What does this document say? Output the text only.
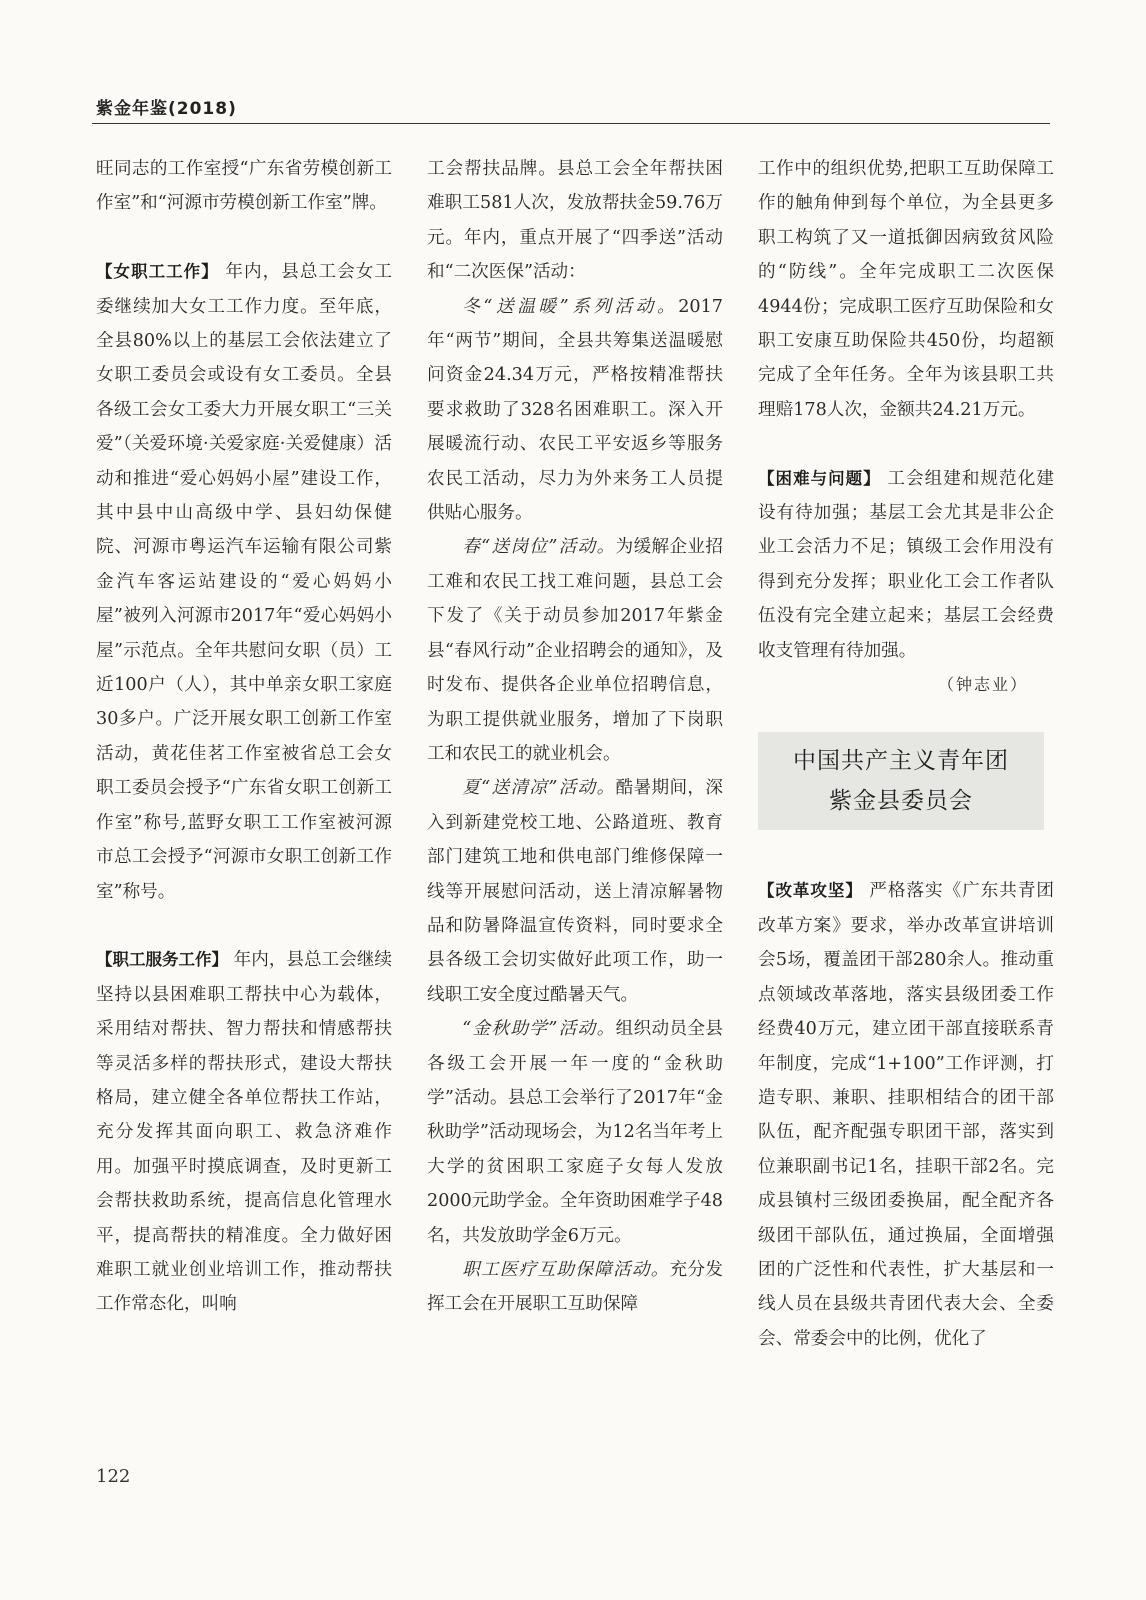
紫金年鉴(2018)

旺同志的工作室授“广东省劳模创新工作室”和“河源市劳模创新工作室”牌。

【女职工工作】 年内，县总工会女工委继续加大女工工作力度。至年底，全县80%以上的基层工会依法建立了女职工委员会或设有女工委员。全县各级工会女工委大力开展女职工“三关爱”（关爱环境·关爱家庭·关爱健康）活动和推进“爱心妈妈小屋”建设工作，其中县中山高级中学、县妇幼保健院、河源市粤运汽车运输有限公司紫金汽车客运站建设的“爱心妈妈小屋”被列入河源市2017年“爱心妈妈小屋”示范点。全年共慰问女职（员）工近100户（人），其中单亲女职工家庭30多户。广泛开展女职工创新工作室活动，黄花佳茗工作室被省总工会女职工委员会授予“广东省女职工创新工作室”称号,蓝野女职工工作室被河源市总工会授予“河源市女职工创新工作室”称号。

【职工服务工作】 年内，县总工会继续坚持以县困难职工帮扶中心为载体，采用结对帮扶、智力帮扶和情感帮扶等灵活多样的帮扶形式，建设大帮扶格局，建立健全各单位帮扶工作站，充分发挥其面向职工、救急济难作用。加强平时摸底调查，及时更新工会帮扶救助系统，提高信息化管理水平，提高帮扶的精准度。全力做好困难职工就业创业培训工作，推动帮扶工作常态化，叫响

工会帮扶品牌。县总工会全年帮扶困难职工581人次，发放帮扶金59.76万元。年内，重点开展了“四季送”活动和“二次医保”活动：

冬“送温暖”系列活动。2017年“两节”期间，全县共筹集送温暖慰问资金24.34万元，严格按精准帮扶要求救助了328名困难职工。深入开展暖流行动、农民工平安返乡等服务农民工活动，尽力为外来务工人员提供贴心服务。

春“送岗位”活动。为缓解企业招工难和农民工找工难问题，县总工会下发了《关于动员参加2017年紫金县“春风行动”企业招聘会的通知》，及时发布、提供各企业单位招聘信息，为职工提供就业服务，增加了下岗职工和农民工的就业机会。

夏“送清凉”活动。酷暑期间，深入到新建党校工地、公路道班、教育部门建筑工地和供电部门维修保障一线等开展慰问活动，送上清凉解暑物品和防暑降温宣传资料，同时要求全县各级工会切实做好此项工作，助一线职工安全度过酷暑天气。

“金秋助学”活动。组织动员全县各级工会开展一年一度的“金秋助学”活动。县总工会举行了2017年“金秋助学”活动现场会，为12名当年考上大学的贫困职工家庭子女每人发放2000元助学金。全年资助困难学子48名，共发放助学金6万元。

职工医疗互助保障活动。充分发挥工会在开展职工互助保障

工作中的组织优势,把职工互助保障工作的触角伸到每个单位，为全县更多职工构筑了又一道抵御因病致贫风险的“防线”。全年完成职工二次医保4944份；完成职工医疗互助保险和女职工安康互助保险共450份，均超额完成了全年任务。全年为该县职工共理赔178人次，金额共24.21万元。

【困难与问题】 工会组建和规范化建设有待加强；基层工会尤其是非公企业工会活力不足；镇级工会作用没有得到充分发挥；职业化工会工作者队伍没有完全建立起来；基层工会经费收支管理有待加强。

（钟志业）

中国共产主义青年团
紫金县委员会

【改革攻坚】 严格落实《广东共青团改革方案》要求，举办改革宣讲培训会5场，覆盖团干部280余人。推动重点领域改革落地，落实县级团委工作经费40万元，建立团干部直接联系青年制度，完成“1+100”工作评测，打造专职、兼职、挂职相结合的团干部队伍，配齐配强专职团干部，落实到位兼职副书记1名，挂职干部2名。完成县镇村三级团委换届，配全配齐各级团干部队伍，通过换届，全面增强团的广泛性和代表性，扩大基层和一线人员在县级共青团代表大会、全委会、常委会中的比例，优化了

122
